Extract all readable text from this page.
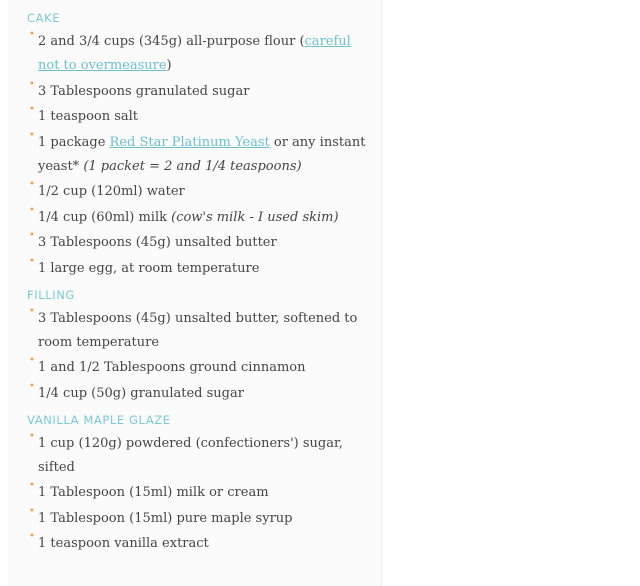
CAKE
• 2 and 3/4 cups (345g) all-purpose flour (careful not to overmeasure)
• 3 Tablespoons granulated sugar
• 1 teaspoon salt
• 1 package Red Star Platinum Yeast or any instant yeast* (1 packet = 2 and 1/4 teaspoons)
• 1/2 cup (120ml) water
• 1/4 cup (60ml) milk (cow's milk - I used skim)
• 3 Tablespoons (45g) unsalted butter
• 1 large egg, at room temperature
FILLING
• 3 Tablespoons (45g) unsalted butter, softened to room temperature
• 1 and 1/2 Tablespoons ground cinnamon
• 1/4 cup (50g) granulated sugar
VANILLA MAPLE GLAZE
• 1 cup (120g) powdered (confectioners') sugar, sifted
• 1 Tablespoon (15ml) milk or cream
• 1 Tablespoon (15ml) pure maple syrup
• 1 teaspoon vanilla extract
